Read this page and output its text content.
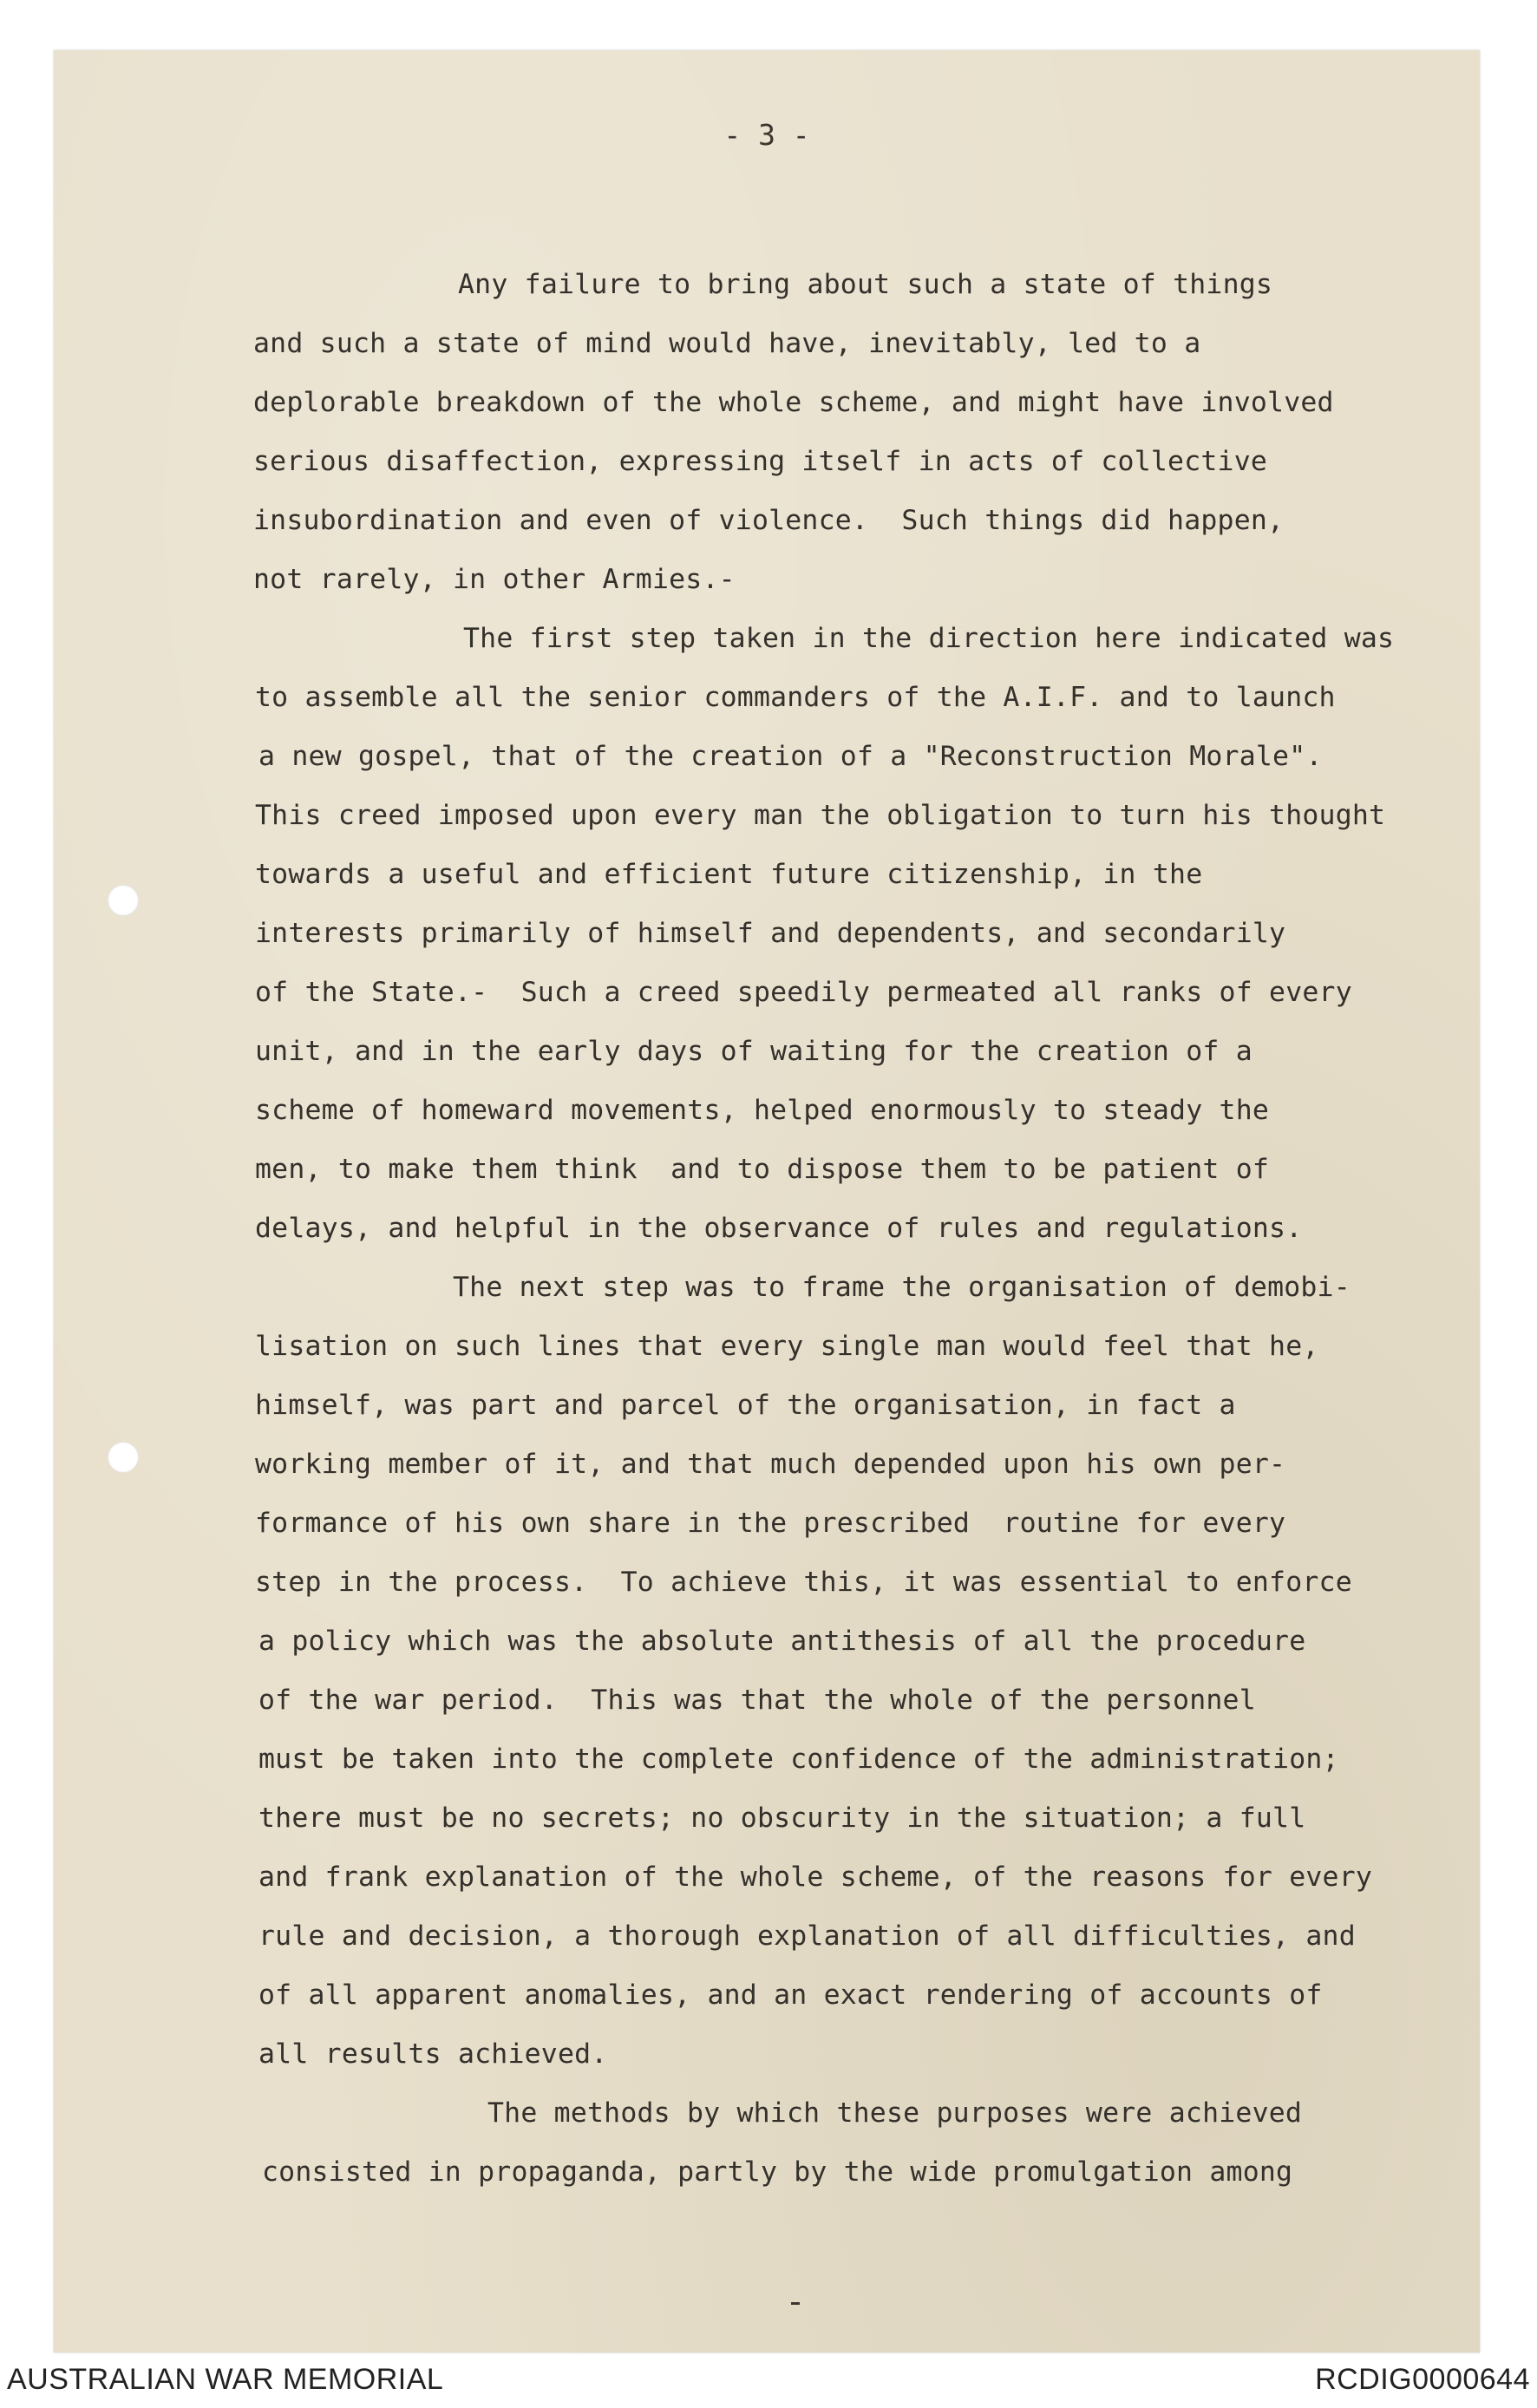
- 3 -
Any failure to bring about such a state of things
and such a state of mind would have, inevitably, led to a
deplorable breakdown of the whole scheme, and might have involved
serious disaffection, expressing itself in acts of collective
insubordination and even of violence.  Such things did happen,
not rarely, in other Armies.-
The first step taken in the direction here indicated was
to assemble all the senior commanders of the A.I.F. and to launch
a new gospel, that of the creation of a "Reconstruction Morale".
This creed imposed upon every man the obligation to turn his thought
towards a useful and efficient future citizenship, in the
interests primarily of himself and dependents, and secondarily
of the State.-  Such a creed speedily permeated all ranks of every
unit, and in the early days of waiting for the creation of a
scheme of homeward movements, helped enormously to steady the
men, to make them think  and to dispose them to be patient of
delays, and helpful in the observance of rules and regulations.
The next step was to frame the organisation of demobi-
lisation on such lines that every single man would feel that he,
himself, was part and parcel of the organisation, in fact a
working member of it, and that much depended upon his own per-
formance of his own share in the prescribed  routine for every
step in the process.  To achieve this, it was essential to enforce
a policy which was the absolute antithesis of all the procedure
of the war period.  This was that the whole of the personnel
must be taken into the complete confidence of the administration;
there must be no secrets; no obscurity in the situation; a full
and frank explanation of the whole scheme, of the reasons for every
rule and decision, a thorough explanation of all difficulties, and
of all apparent anomalies, and an exact rendering of accounts of
all results achieved.
The methods by which these purposes were achieved
consisted in propaganda, partly by the wide promulgation among
AUSTRALIAN WAR MEMORIAL	RCDIG0000644
